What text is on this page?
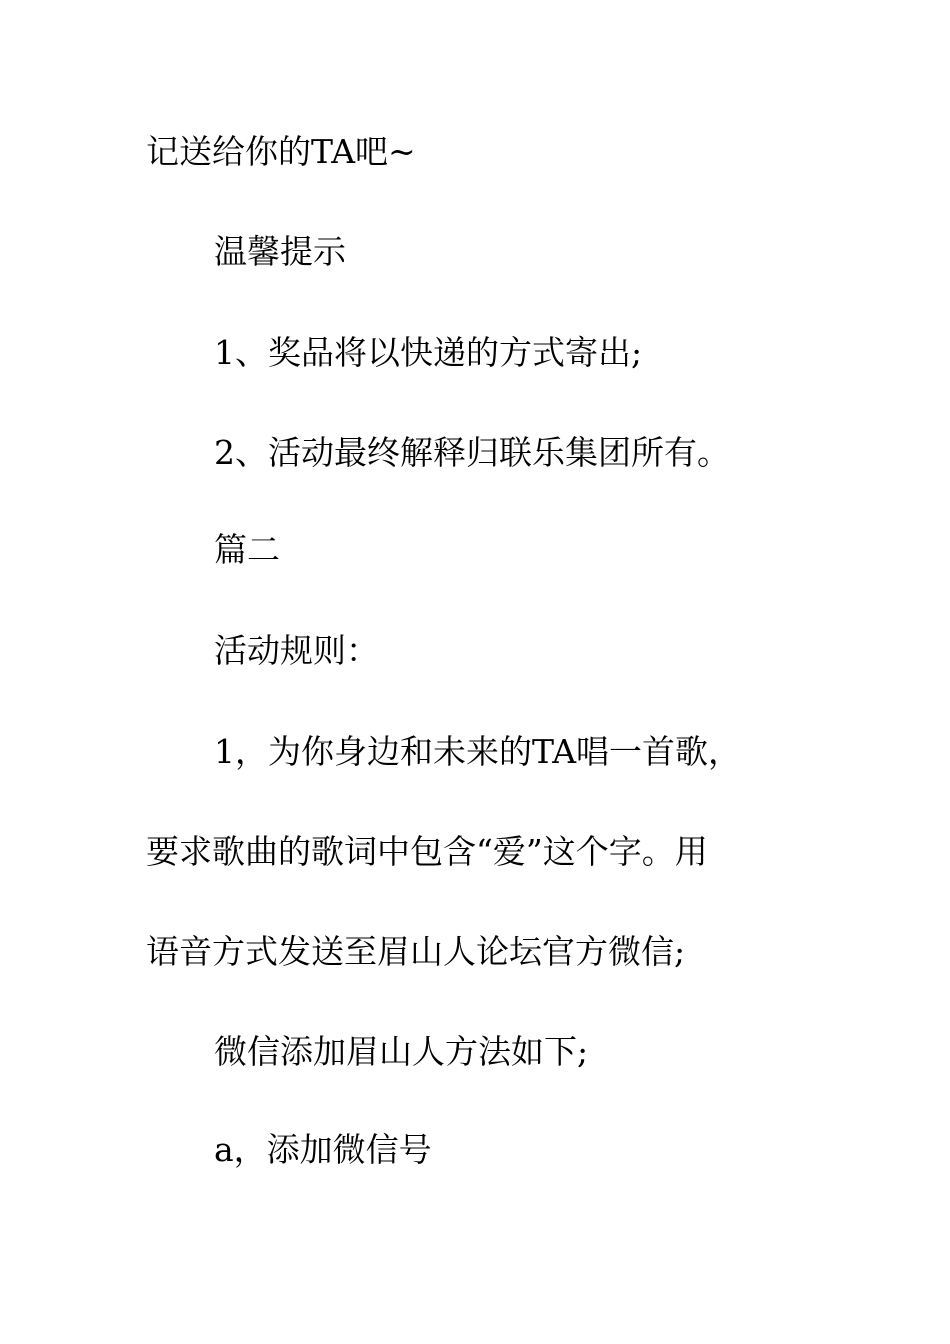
记送给你的TA吧~
温馨提示
1、奖品将以快递的方式寄出;
2、活动最终解释归联乐集团所有。
篇二
活动规则：
1，为你身边和未来的TA唱一首歌，
要求歌曲的歌词中包含“爱”这个字。用
语音方式发送至眉山人论坛官方微信;
微信添加眉山人方法如下;
a，添加微信号
